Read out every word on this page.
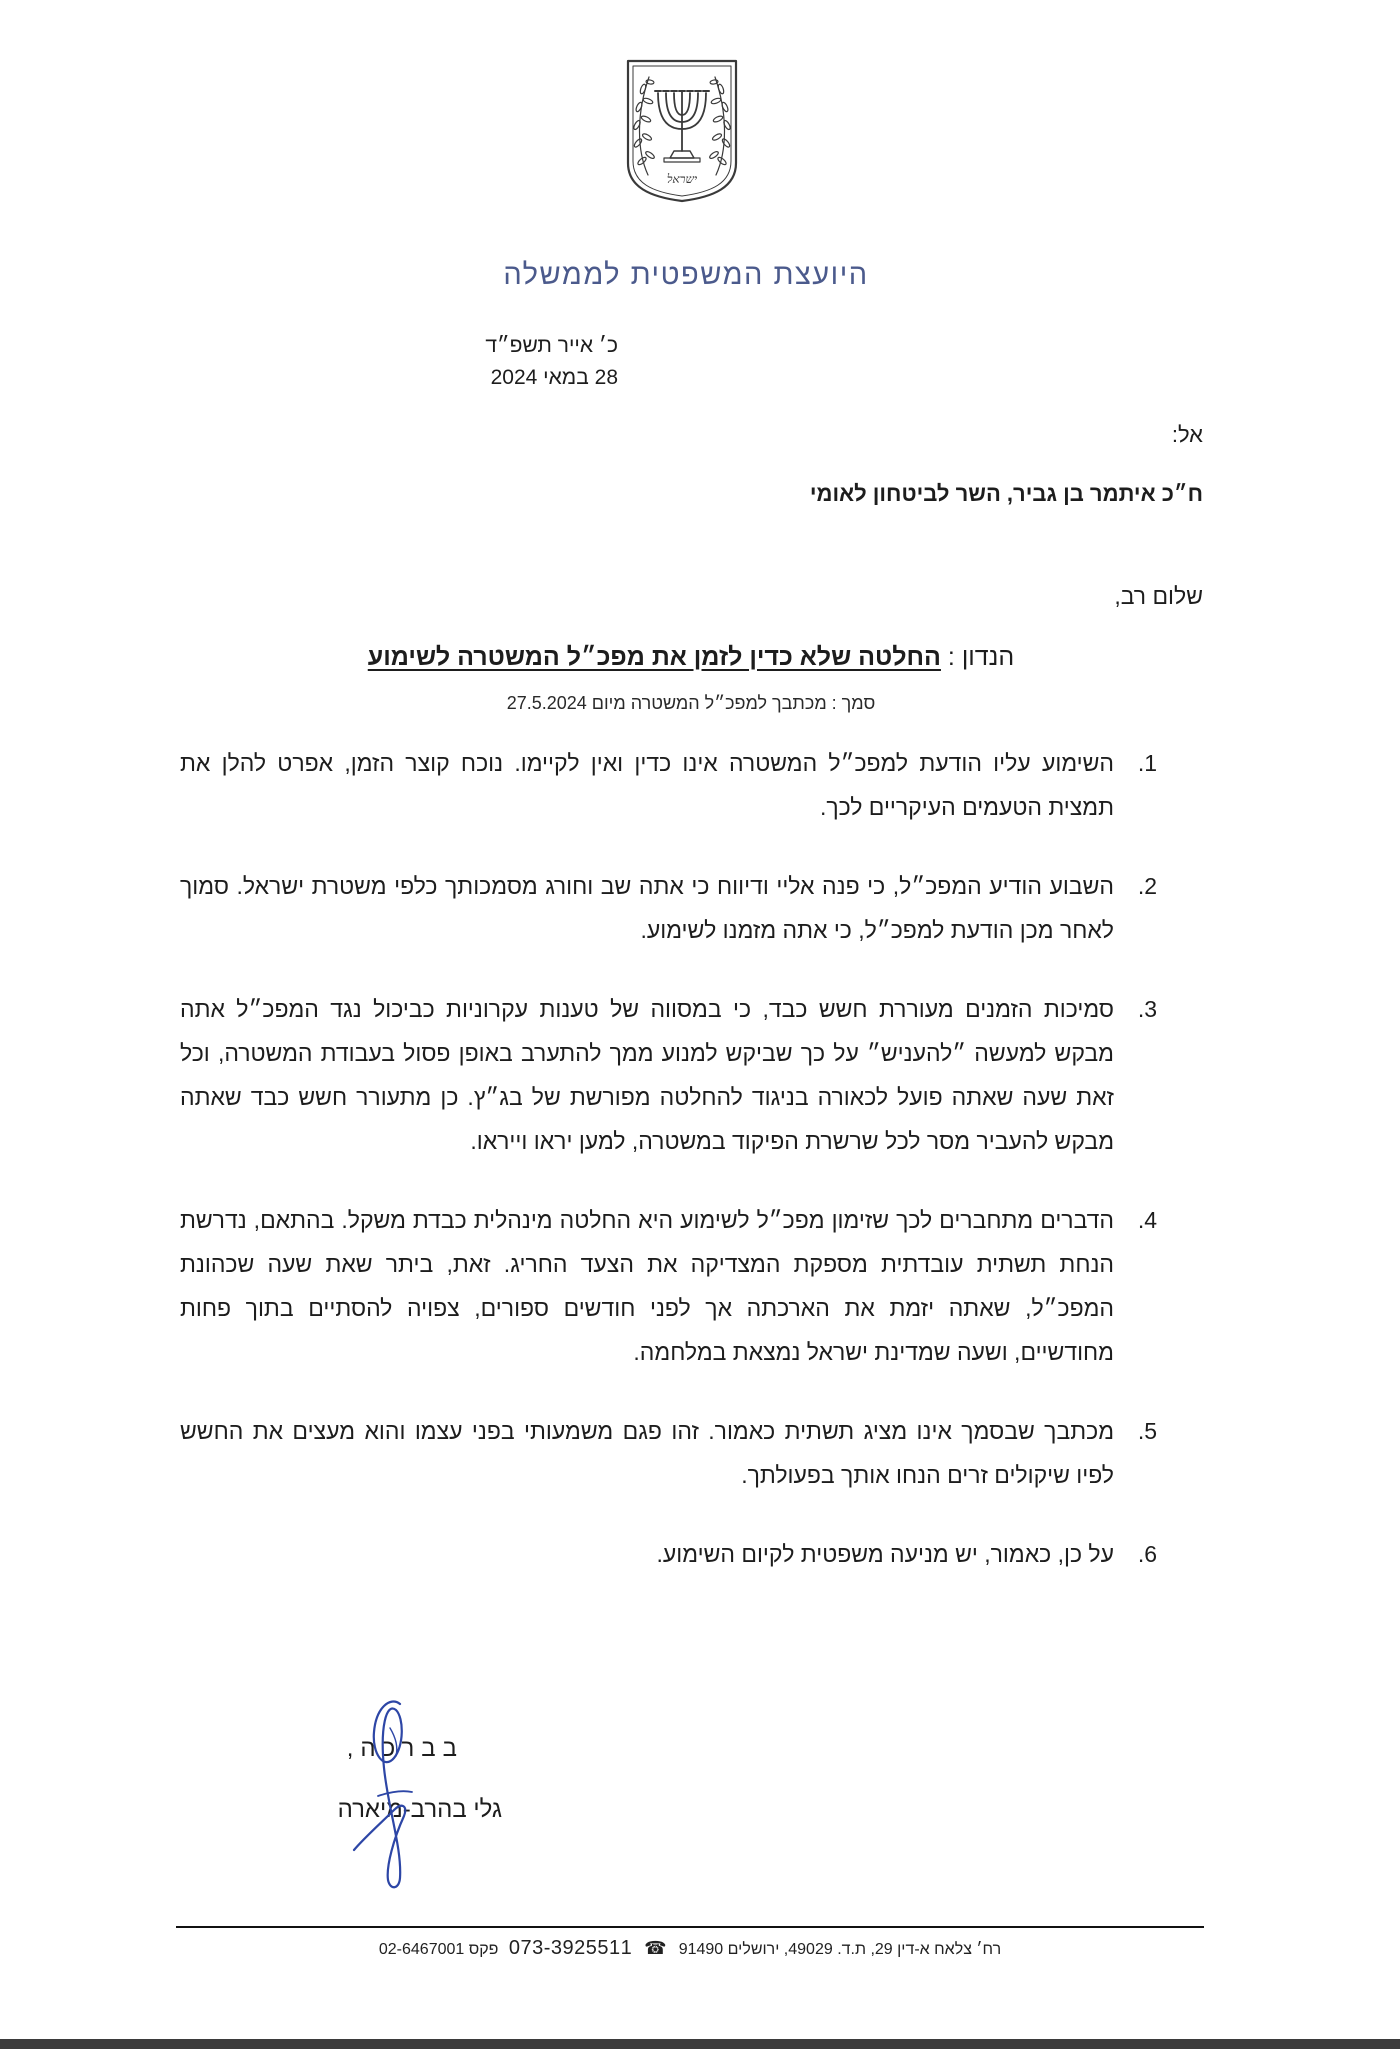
ישראל
היועצת המשפטית לממשלה
כ׳ אייר תשפ״ד
28 במאי 2024
אל:
ח״כ איתמר בן גביר, השר לביטחון לאומי
שלום רב,
הנדון : החלטה שלא כדין לזמן את מפכ״ל המשטרה לשימוע
סמך : מכתבך למפכ״ל המשטרה מיום 27.5.2024
1.
השימוע עליו הודעת למפכ״ל המשטרה אינו כדין ואין לקיימו. נוכח קוצר הזמן, אפרט להלן את תמצית הטעמים העיקריים לכך.
2.
השבוע הודיע המפכ״ל, כי פנה אליי ודיווח כי אתה שב וחורג מסמכותך כלפי משטרת ישראל. סמוך לאחר מכן הודעת למפכ״ל, כי אתה מזמנו לשימוע.
3.
סמיכות הזמנים מעוררת חשש כבד, כי במסווה של טענות עקרוניות כביכול נגד המפכ״ל אתה מבקש למעשה ״להעניש״ על כך שביקש למנוע ממך להתערב באופן פסול בעבודת המשטרה, וכל זאת שעה שאתה פועל לכאורה בניגוד להחלטה מפורשת של בג״ץ. כן מתעורר חשש כבד שאתה מבקש להעביר מסר לכל שרשרת הפיקוד במשטרה, למען יראו וייראו.
4.
הדברים מתחברים לכך שזימון מפכ״ל לשימוע היא החלטה מינהלית כבדת משקל. בהתאם, נדרשת הנחת תשתית עובדתית מספקת המצדיקה את הצעד החריג. זאת, ביתר שאת שעה שכהונת המפכ״ל, שאתה יזמת את הארכתה אך לפני חודשים ספורים, צפויה להסתיים בתוך פחות מחודשיים, ושעה שמדינת ישראל נמצאת במלחמה.
5.
מכתבך שבסמך אינו מציג תשתית כאמור. זהו פגם משמעותי בפני עצמו והוא מעצים את החשש לפיו שיקולים זרים הנחו אותך בפעולתך.
6.
על כן, כאמור, יש מניעה משפטית לקיום השימוע.
בברכה,
גלי בהרב-מיארה
רח׳ צלאח א-דין 29, ת.ד. 49029, ירושלים 91490☎ 073-3925511 פקס 02-6467001
